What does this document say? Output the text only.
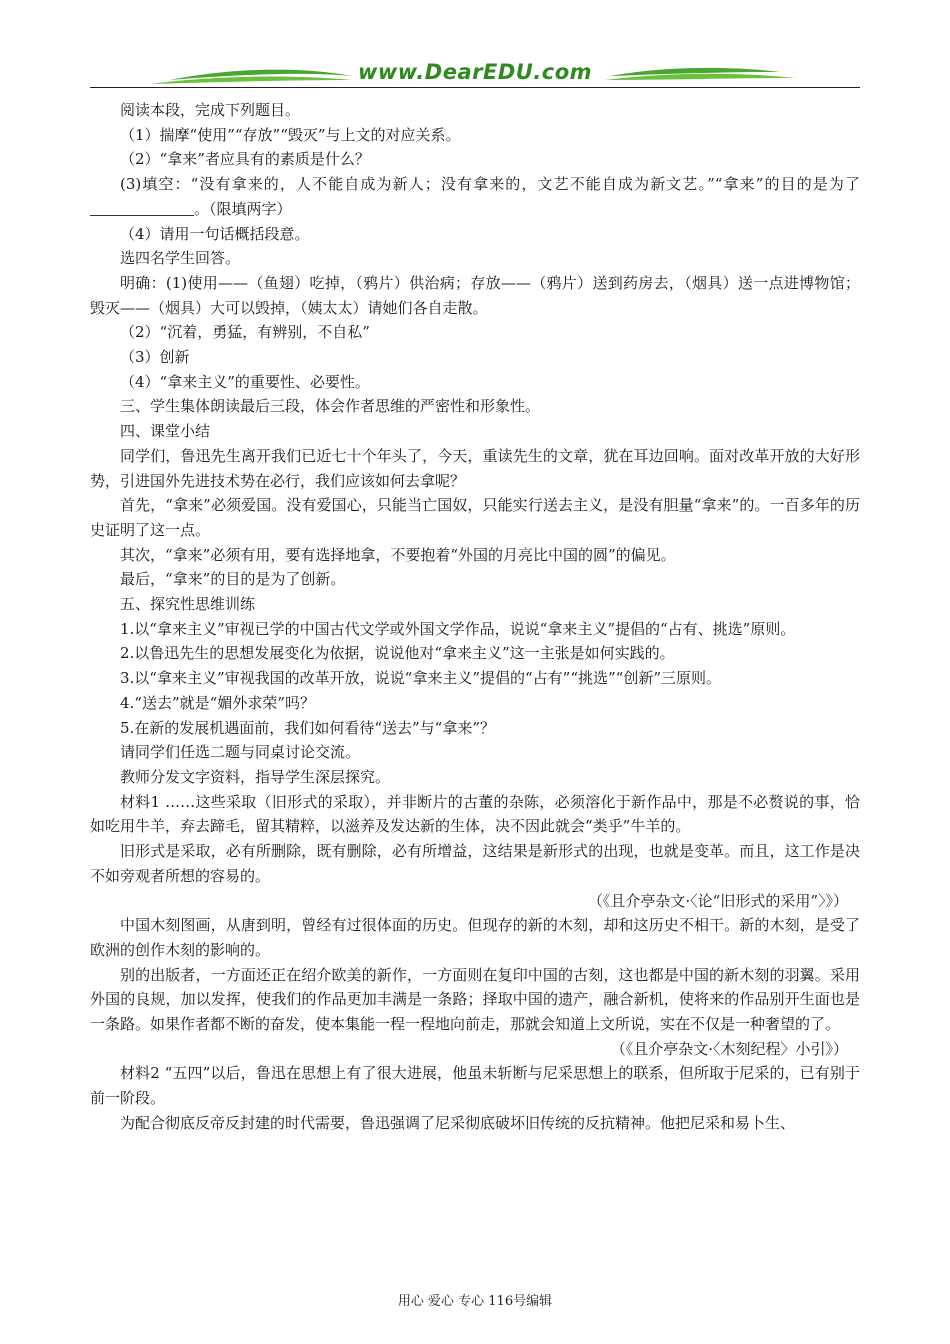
www.DearEDU.com

阅读本段，完成下列题目。

（1）揣摩“使用”“存放”“毁灭”与上文的对应关系。

（2）“拿来”者应具有的素质是什么？

(3)填空：“没有拿来的，人不能自成为新人；没有拿来的，文艺不能自成为新文艺。”“拿来”的目的是为了。（限填两字）

（4）请用一句话概括段意。

选四名学生回答。

明确：(1)使用——（鱼翅）吃掉，（鸦片）供治病；存放——（鸦片）送到药房去，（烟具）送一点进博物馆；毁灭——（烟具）大可以毁掉，（姨太太）请她们各自走散。

（2）“沉着，勇猛，有辨别，不自私”

（3）创新

（4）“拿来主义”的重要性、必要性。

三、学生集体朗读最后三段，体会作者思维的严密性和形象性。

四、课堂小结

同学们，鲁迅先生离开我们已近七十个年头了，今天，重读先生的文章，犹在耳边回响。面对改革开放的大好形势，引进国外先进技术势在必行，我们应该如何去拿呢？

首先，“拿来”必须爱国。没有爱国心，只能当亡国奴，只能实行送去主义，是没有胆量“拿来”的。一百多年的历史证明了这一点。

其次，“拿来”必须有用，要有选择地拿，不要抱着“外国的月亮比中国的圆”的偏见。

最后，“拿来”的目的是为了创新。

五、探究性思维训练

1.以“拿来主义”审视已学的中国古代文学或外国文学作品，说说“拿来主义”提倡的“占有、挑选”原则。

2.以鲁迅先生的思想发展变化为依据，说说他对“拿来主义”这一主张是如何实践的。

3.以“拿来主义”审视我国的改革开放，说说“拿来主义”提倡的“占有”“挑选”“创新”三原则。

4.“送去”就是“媚外求荣”吗？

5.在新的发展机遇面前，我们如何看待“送去”与“拿来”？

请同学们任选二题与同桌讨论交流。

教师分发文字资料，指导学生深层探究。

材料1 ……这些采取（旧形式的采取），并非断片的古董的杂陈，必须溶化于新作品中，那是不必赘说的事，恰如吃用牛羊，弃去蹄毛，留其精粹，以滋养及发达新的生体，决不因此就会“类乎”牛羊的。

旧形式是采取，必有所删除，既有删除，必有所增益，这结果是新形式的出现，也就是变革。而且，这工作是决不如旁观者所想的容易的。

（《且介亭杂文·〈论“旧形式的采用”〉》）

中国木刻图画，从唐到明，曾经有过很体面的历史。但现存的新的木刻，却和这历史不相干。新的木刻，是受了欧洲的创作木刻的影响的。

别的出版者，一方面还正在绍介欧美的新作，一方面则在复印中国的古刻，这也都是中国的新木刻的羽翼。采用外国的良规，加以发挥，使我们的作品更加丰满是一条路；择取中国的遗产，融合新机，使将来的作品别开生面也是一条路。如果作者都不断的奋发，使本集能一程一程地向前走，那就会知道上文所说，实在不仅是一种奢望的了。

（《且介亭杂文·〈木刻纪程〉小引》）

材料2 “五四”以后，鲁迅在思想上有了很大进展，他虽未斩断与尼采思想上的联系，但所取于尼采的，已有别于前一阶段。

为配合彻底反帝反封建的时代需要，鲁迅强调了尼采彻底破坏旧传统的反抗精神。他把尼采和易卜生、

用心 爱心 专心 116号编辑
